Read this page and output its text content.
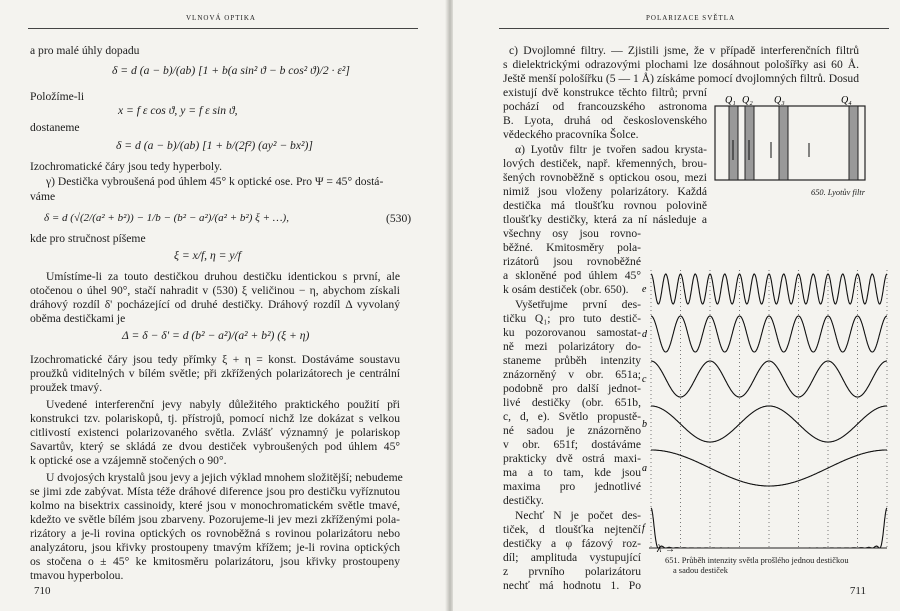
VLNOVÁ OPTIKA
a pro malé úhly dopadu
δ = d (a − b)/(ab) [1 + b(a sin² ϑ − b cos² ϑ)/2 · ε²]
Položíme-li
x = f ε cos ϑ, y = f ε sin ϑ,
dostaneme
δ = d (a − b)/(ab) [1 + b/(2f²) (ay² − bx²)]
Izochromatické čáry jsou tedy hyperboly.
γ) Destička vybroušená pod úhlem 45° k optické ose. Pro Ψ = 45° dostá-
váme
δ = d (√(2/(a² + b²)) − 1/b − (b² − a²)/(a² + b²) ξ + …),	(530)
kde pro stručnost píšeme
ξ = x/f, η = y/f
Umístíme-li za touto destičkou druhou destičku identickou s první, ale
otočenou o úhel 90°, stačí nahradit v (530) ξ veličinou − η, abychom získali
dráhový rozdíl δ' pocházející od druhé destičky. Dráhový rozdíl Δ vyvolaný
oběma destičkami je
Δ = δ − δ' = d (b² − a²)/(a² + b²) (ξ + η)
Izochromatické čáry jsou tedy přímky ξ + η = konst. Dostáváme soustavu
proužků viditelných v bílém světle; při zkřížených polarizátorech je centrální
proužek tmavý.
Uvedené interferenční jevy nabyly důležitého praktického použití při
konstrukci tzv. polariskopů, tj. přístrojů, pomocí nichž lze dokázat s velkou
citlivostí existenci polarizovaného světla. Zvlášť významný je polariskop
Savartův, který se skládá ze dvou destiček vybroušených pod úhlem 45°
k optické ose a vzájemně stočených o 90°.
U dvojosých krystalů jsou jevy a jejich výklad mnohem složitější; nebudeme
se jimi zde zabývat. Místa téže dráhové diference jsou pro destičku vyříznutou
kolmo na bisektrix cassinoidy, které jsou v monochromatickém světle tmavé,
kdežto ve světle bílém jsou zbarveny. Pozorujeme-li jev mezi zkříženými pola-
rizátory a je-li rovina optických os rovnoběžná s rovinou polarizátoru nebo
analyzátoru, jsou křivky prostoupeny tmavým křížem; je-li rovina optických
os stočena o ± 45° ke kmitosměru polarizátoru, jsou křivky prostoupeny
tmavou hyperbolou.
710
POLARIZACE SVĚTLA
c) Dvojlomné filtry. — Zjistili jsme, že v případě interferenčních filtrů
s dielektrickými odrazovými plochami lze dosáhnout pološířky asi 60 Å.
Ještě menší pološířku (5 — 1 Å) získáme pomocí dvojlomných filtrů. Dosud
existují dvě konstrukce těchto filtrů; první
pochází od francouzského astronoma
B. Lyota, druhá od československého
vědeckého pracovníka Šolce.
α) Lyotův filtr je tvořen sadou krysta-
lových destiček, např. křemenných, brou-
šených rovnoběžně s optickou osou, mezi
nimiž jsou vloženy polarizátory. Každá
destička má tloušťku rovnou polovině
tloušťky destičky, která za ní následuje a
všechny osy jsou rovno-
běžné. Kmitosměry pola-
rizátorů jsou rovnoběžné
a skloněné pod úhlem 45°
k osám destiček (obr. 650).
Vyšetřujme první des-
tičku Q₁; pro tuto destič-
ku pozorovanou samostat-
ně mezi polarizátory do-
staneme průběh intenzity
znázorněný v obr. 651a;
podobně pro další jednot-
livé destičky (obr. 651b,
c, d, e). Světlo propustě-
né sadou je znázorněno
v obr. 651f; dostáváme
prakticky dvě ostrá maxi-
ma a to tam, kde jsou
maxima pro jednotlivé
destičky.
Nechť N je počet des-
tiček, d tloušťka nejtenčí
destičky a φ fázový roz-
díl; amplituda vystupující
z prvního polarizátoru
nechť má hodnotu 1. Po
Q₁ Q₂ Q₃	Q₄
650. Lyotův filtr
e
d
c
b
a
f
λ →
651. Průběh intenzity světla prošlého jednou destičkou
a sadou destiček
711
